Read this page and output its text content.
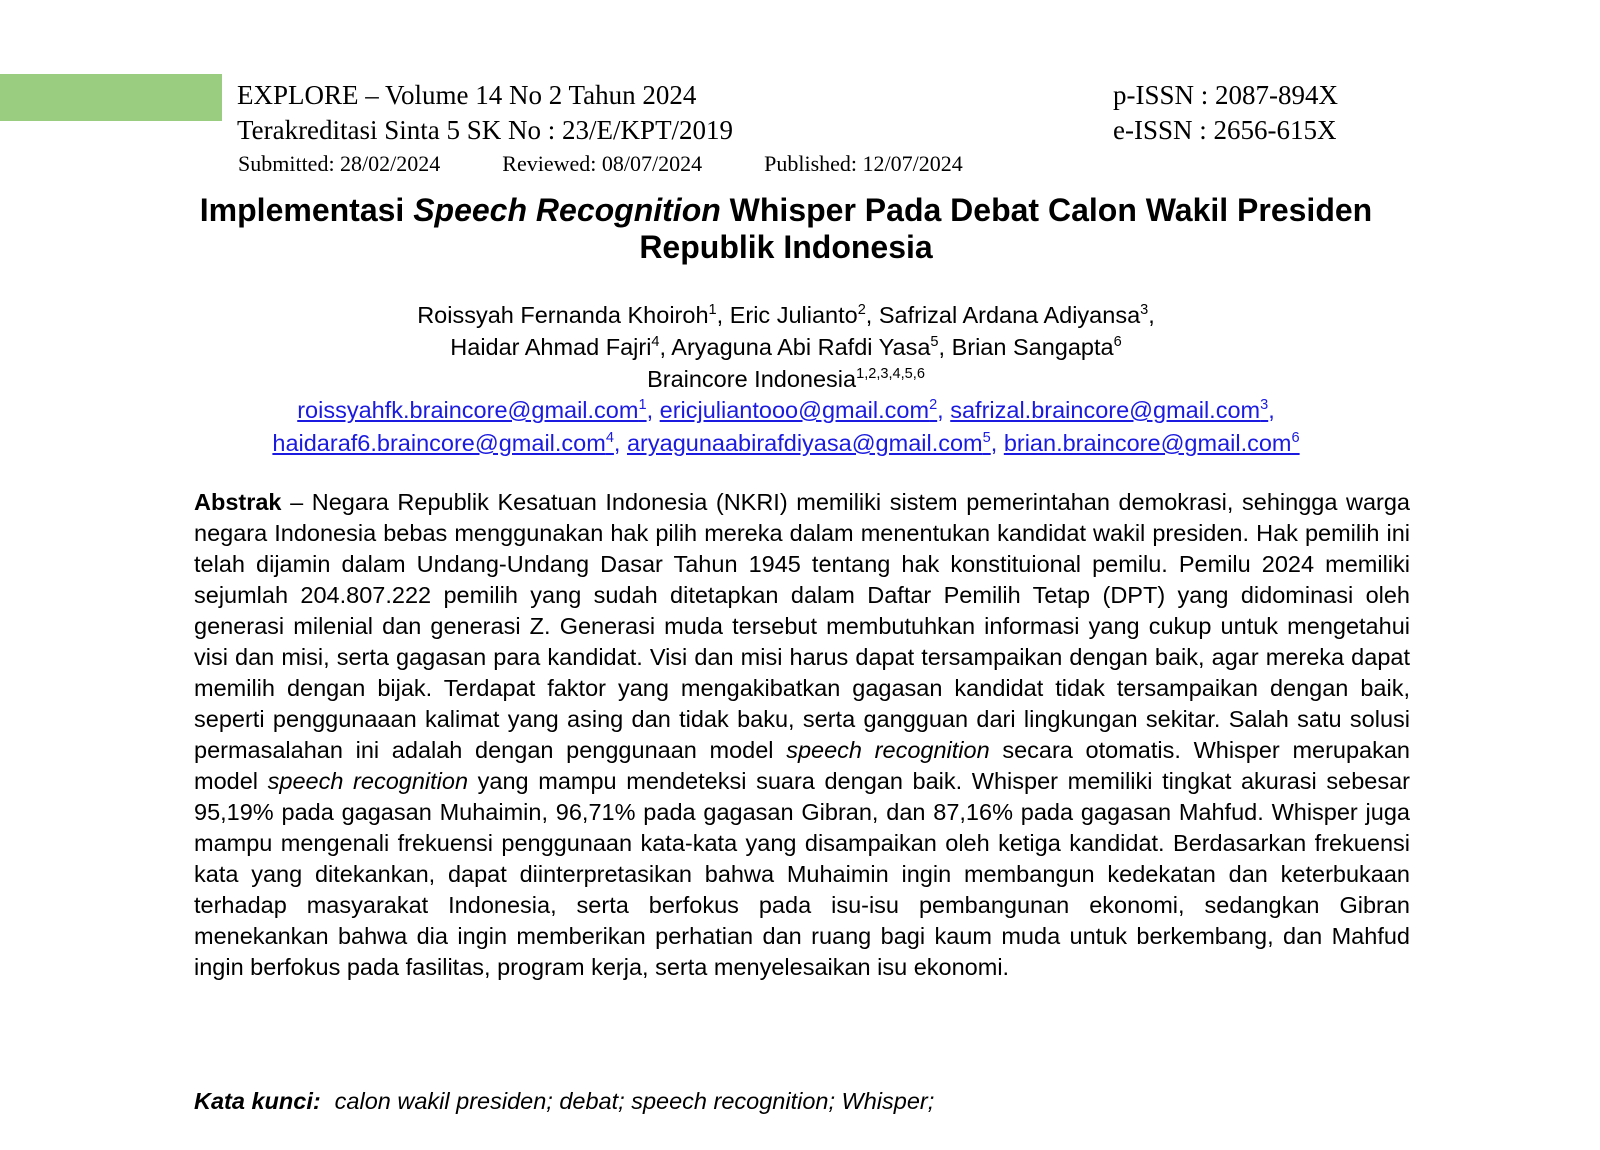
EXPLORE – Volume 14 No 2 Tahun 2024
Terakreditasi Sinta 5 SK No : 23/E/KPT/2019
p-ISSN : 2087-894X
e-ISSN : 2656-615X
Submitted: 28/02/2024	Reviewed: 08/07/2024	Published: 12/07/2024
Implementasi Speech Recognition Whisper Pada Debat Calon Wakil Presiden
Republik Indonesia
Roissyah Fernanda Khoiroh$^1$, Eric Julianto$^2$, Safrizal Ardana Adiyansa$^3$,
Haidar Ahmad Fajri$^4$, Aryaguna Abi Rafdi Yasa$^5$, Brian Sangapta$^6$
Braincore Indonesia$^{1,2,3,4,5,6}$
roissyahfk.braincore@gmail.com$^1$, ericjuliantooo@gmail.com$^2$, safrizal.braincore@gmail.com$^3$,
haidaraf6.braincore@gmail.com$^4$, aryagunaabirafdiyasa@gmail.com$^5$, brian.braincore@gmail.com$^6$

Abstrak – Negara Republik Kesatuan Indonesia (NKRI) memiliki sistem pemerintahan demokrasi, sehingga warga negara Indonesia bebas menggunakan hak pilih mereka dalam menentukan kandidat wakil presiden. Hak pemilih ini telah dijamin dalam Undang-Undang Dasar Tahun 1945 tentang hak konstituional pemilu. Pemilu 2024 memiliki sejumlah 204.807.222 pemilih yang sudah ditetapkan dalam Daftar Pemilih Tetap (DPT) yang didominasi oleh generasi milenial dan generasi Z. Generasi muda tersebut membutuhkan informasi yang cukup untuk mengetahui visi dan misi, serta gagasan para kandidat. Visi dan misi harus dapat tersampaikan dengan baik, agar mereka dapat memilih dengan bijak. Terdapat faktor yang mengakibatkan gagasan kandidat tidak tersampaikan dengan baik, seperti penggunaaan kalimat yang asing dan tidak baku, serta gangguan dari lingkungan sekitar. Salah satu solusi permasalahan ini adalah dengan penggunaan model speech recognition secara otomatis. Whisper merupakan model speech recognition yang mampu mendeteksi suara dengan baik. Whisper memiliki tingkat akurasi sebesar 95,19% pada gagasan Muhaimin, 96,71% pada gagasan Gibran, dan 87,16% pada gagasan Mahfud. Whisper juga mampu mengenali frekuensi penggunaan kata-kata yang disampaikan oleh ketiga kandidat. Berdasarkan frekuensi kata yang ditekankan, dapat diinterpretasikan bahwa Muhaimin ingin membangun kedekatan dan keterbukaan terhadap masyarakat Indonesia, serta berfokus pada isu-isu pembangunan ekonomi, sedangkan Gibran menekankan bahwa dia ingin memberikan perhatian dan ruang bagi kaum muda untuk berkembang, dan Mahfud ingin berfokus pada fasilitas, program kerja, serta menyelesaikan isu ekonomi.

Kata kunci: calon wakil presiden; debat; speech recognition; Whisper;
